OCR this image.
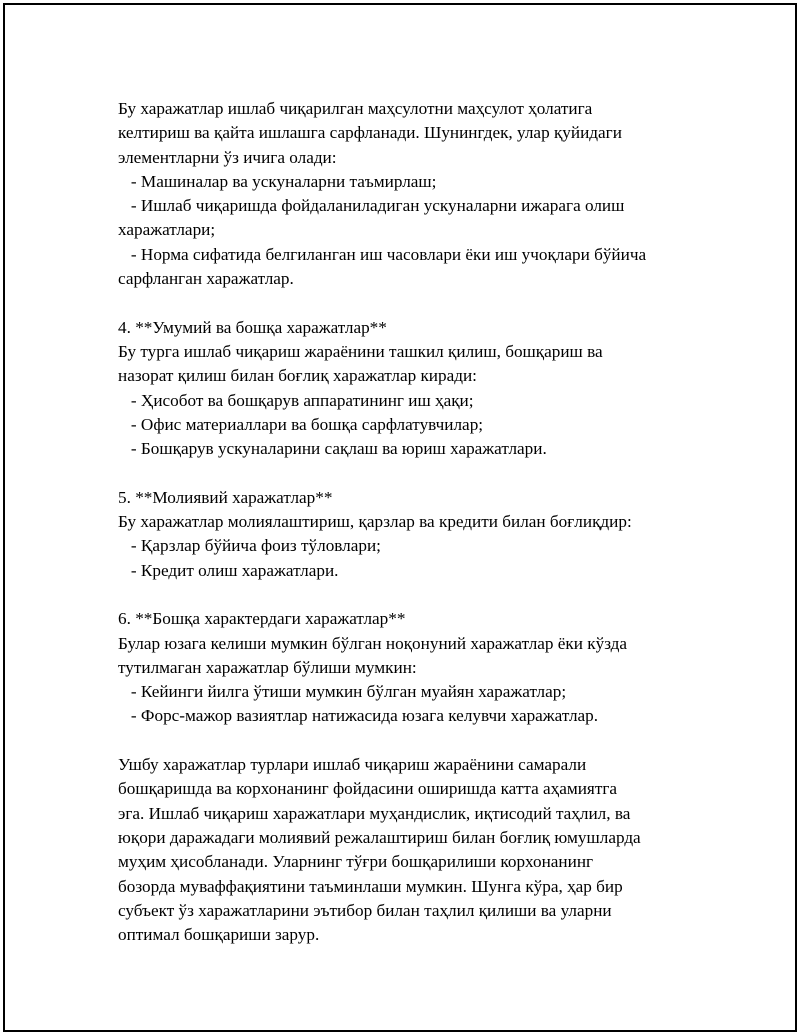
Бу харажатлар ишлаб чиқарилган маҳсулотни маҳсулот ҳолатига

келтириш ва қайта ишлашга сарфланади. Шунингдек, улар қуйидаги

элементларни ўз ичига олади:

- Машиналар ва ускуналарни таъмирлаш;

- Ишлаб чиқаришда фойдаланиладиган ускуналарни ижарага олиш

харажатлари;

- Норма сифатида белгиланган иш часовлари ёки иш учоқлари бўйича

сарфланган харажатлар.

4. **Умумий ва бошқа харажатлар**

Бу турга ишлаб чиқариш жараёнини ташкил қилиш, бошқариш ва

назорат қилиш билан боғлиқ харажатлар киради:

- Ҳисобот ва бошқарув аппаратининг иш ҳақи;

- Офис материаллари ва бошқа сарфлатувчилар;

- Бошқарув ускуналарини сақлаш ва юриш харажатлари.

5. **Молиявий харажатлар**

Бу харажатлар молиялаштириш, қарзлар ва кредити билан боғлиқдир:

- Қарзлар бўйича фоиз тўловлари;

- Кредит олиш харажатлари.

6. **Бошқа характердаги харажатлар**

Булар юзага келиши мумкин бўлган ноқонуний харажатлар ёки кўзда

тутилмаган харажатлар бўлиши мумкин:

- Кейинги йилга ўтиши мумкин бўлган муайян харажатлар;

- Форс-мажор вазиятлар натижасида юзага келувчи харажатлар.

Ушбу харажатлар турлари ишлаб чиқариш жараёнини самарали

бошқаришда ва корхонанинг фойдасини оширишда катта аҳамиятга

эга. Ишлаб чиқариш харажатлари муҳандислик, иқтисодий таҳлил, ва

юқори даражадаги молиявий режалаштириш билан боғлиқ юмушларда

муҳим ҳисобланади. Уларнинг тўғри бошқарилиши корхонанинг

бозорда муваффақиятини таъминлаши мумкин. Шунга кўра, ҳар бир

субъект ўз харажатларини эътибор билан таҳлил қилиши ва уларни

оптимал бошқариши зарур.
